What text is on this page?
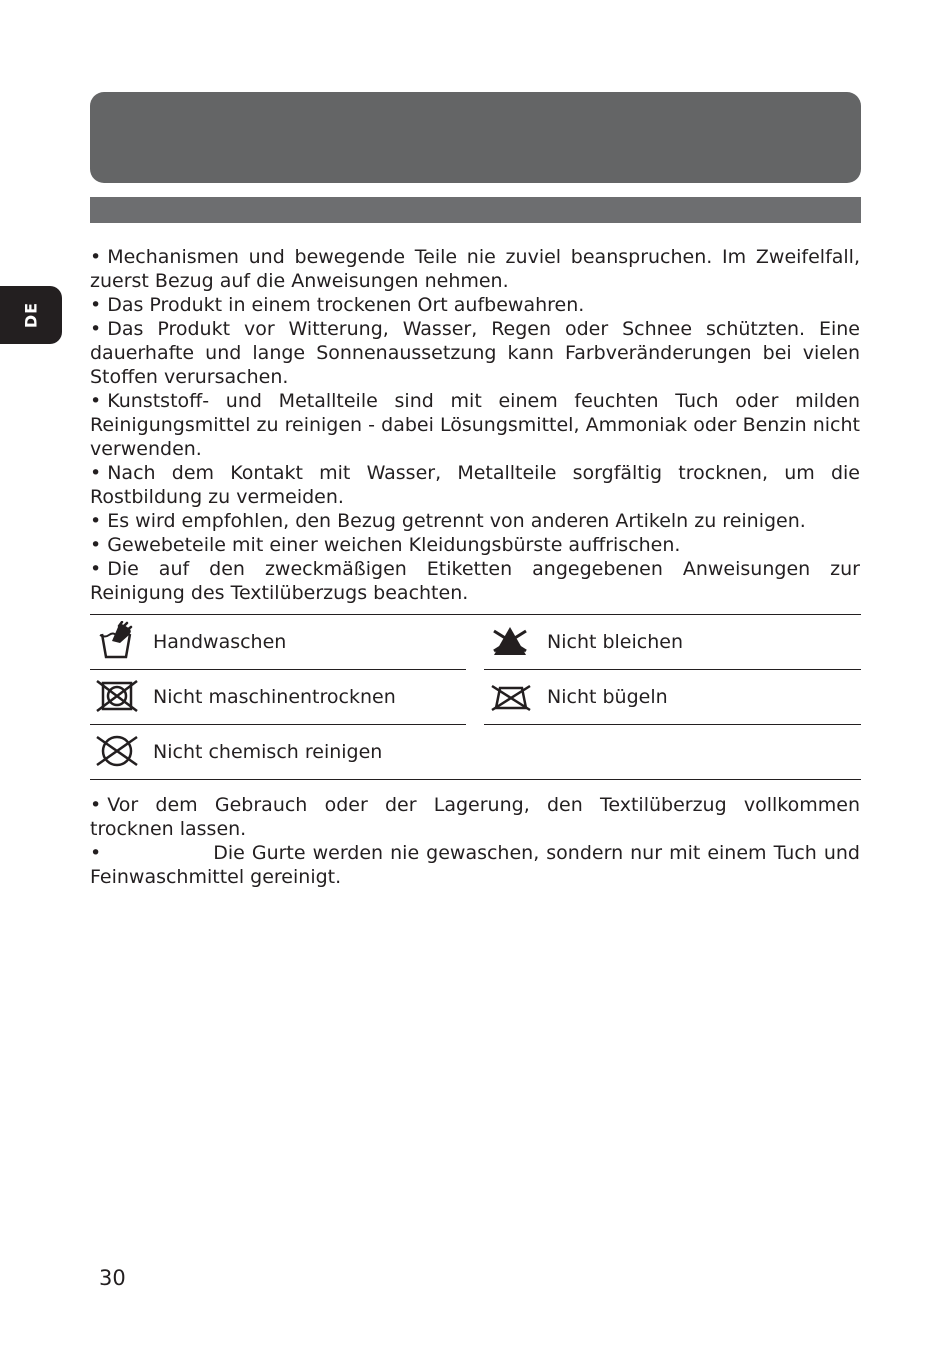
DE

• Mechanismen und bewegende Teile nie zuviel beanspruchen. Im Zweifelfall, zuerst Bezug auf die Anweisungen nehmen.

• Das Produkt in einem trockenen Ort aufbewahren.

• Das Produkt vor Witterung, Wasser, Regen oder Schnee schützten. Eine dauerhafte und lange Sonnenaussetzung kann Farbveränderungen bei vielen Stoffen verursachen.

• Kunststoff- und Metallteile sind mit einem feuchten Tuch oder milden Reinigungsmittel zu reinigen - dabei Lösungsmittel, Ammoniak oder Benzin nicht verwenden.

• Nach dem Kontakt mit Wasser, Metallteile sorgfältig trocknen, um die Rostbildung zu vermeiden.

• Es wird empfohlen, den Bezug getrennt von anderen Artikeln zu reinigen.

• Gewebeteile mit einer weichen Kleidungsbürste auffrischen.

• Die auf den zweckmäßigen Etiketten angegebenen Anweisungen zur Reinigung des Textilüberzugs beachten.

Handwaschen	Nicht bleichen
Nicht maschinentrocknen	Nicht bügeln
Nicht chemisch reinigen

• Vor dem Gebrauch oder der Lagerung, den Textilüberzug vollkommen trocknen lassen.

•	Die Gurte werden nie gewaschen, sondern nur mit einem Tuch und Feinwaschmittel gereinigt.

30
